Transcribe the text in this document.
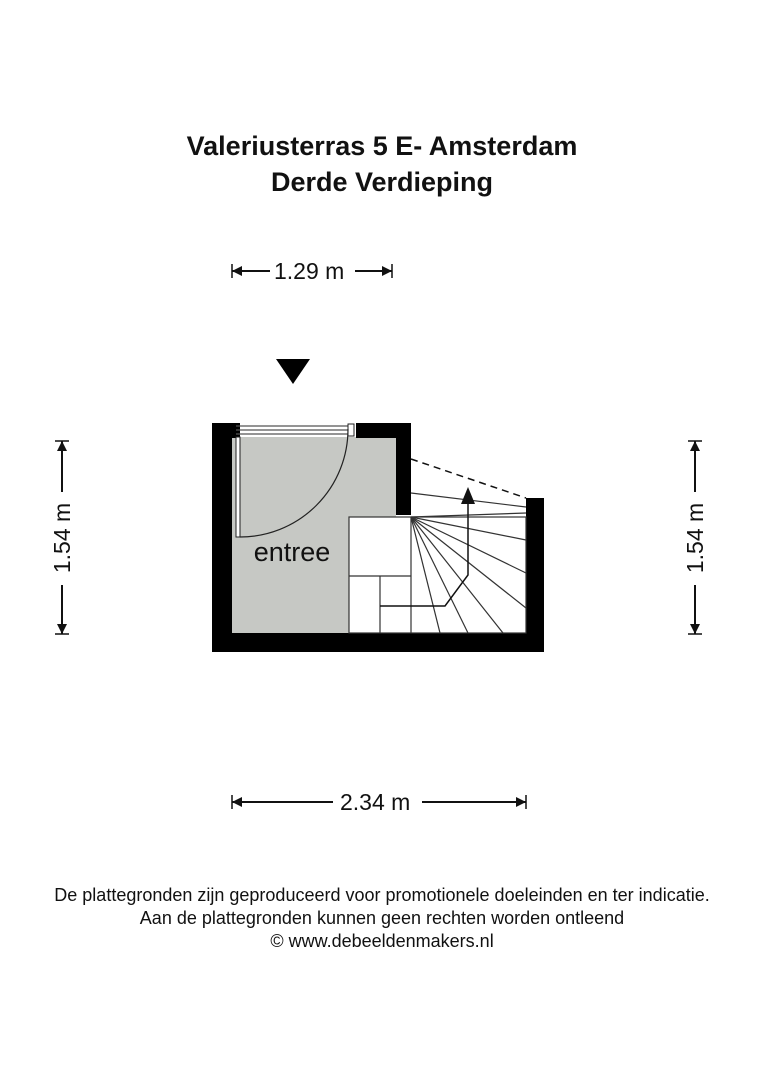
Valeriusterras 5 E- Amsterdam
Derde Verdieping
1.54 m	1.54 m
entree
1.29 m
2.34 m
De plattegronden zijn geproduceerd voor promotionele doeleinden en ter indicatie.
Aan de plattegronden kunnen geen rechten worden ontleend
© www.debeeldenmakers.nl
